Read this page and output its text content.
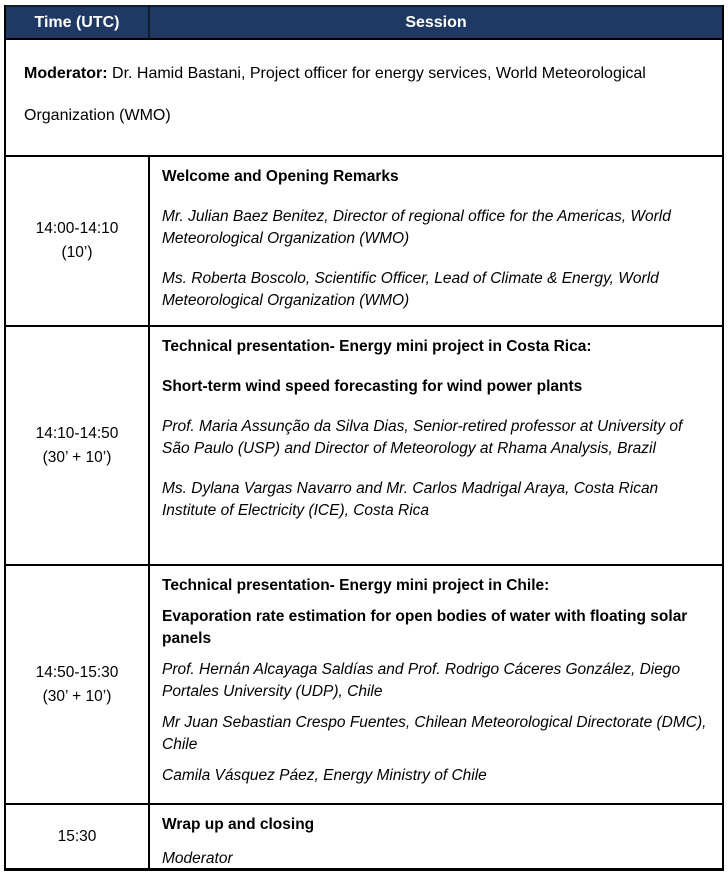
Time (UTC)	Session
Moderator: Dr. Hamid Bastani, Project officer for energy services, World Meteorological Organization (WMO)
14:00-14:10
(10’)

Welcome and Opening Remarks

Mr. Julian Baez Benitez, Director of regional office for the Americas, World Meteorological Organization (WMO)

Ms. Roberta Boscolo, Scientific Officer, Lead of Climate & Energy, World Meteorological Organization (WMO)

14:10-14:50
(30’ + 10’)

Technical presentation- Energy mini project in Costa Rica:

Short-term wind speed forecasting for wind power plants

Prof. Maria Assunção da Silva Dias, Senior-retired professor at University of São Paulo (USP) and Director of Meteorology at Rhama Analysis, Brazil

Ms. Dylana Vargas Navarro and Mr. Carlos Madrigal Araya, Costa Rican Institute of Electricity (ICE), Costa Rica

14:50-15:30
(30’ + 10’)

Technical presentation- Energy mini project in Chile:

Evaporation rate estimation for open bodies of water with floating solar panels

Prof. Hernán Alcayaga Saldías and Prof. Rodrigo Cáceres González, Diego Portales University (UDP), Chile

Mr Juan Sebastian Crespo Fuentes, Chilean Meteorological Directorate (DMC), Chile

Camila Vásquez Páez, Energy Ministry of Chile

15:30

Wrap up and closing

Moderator
